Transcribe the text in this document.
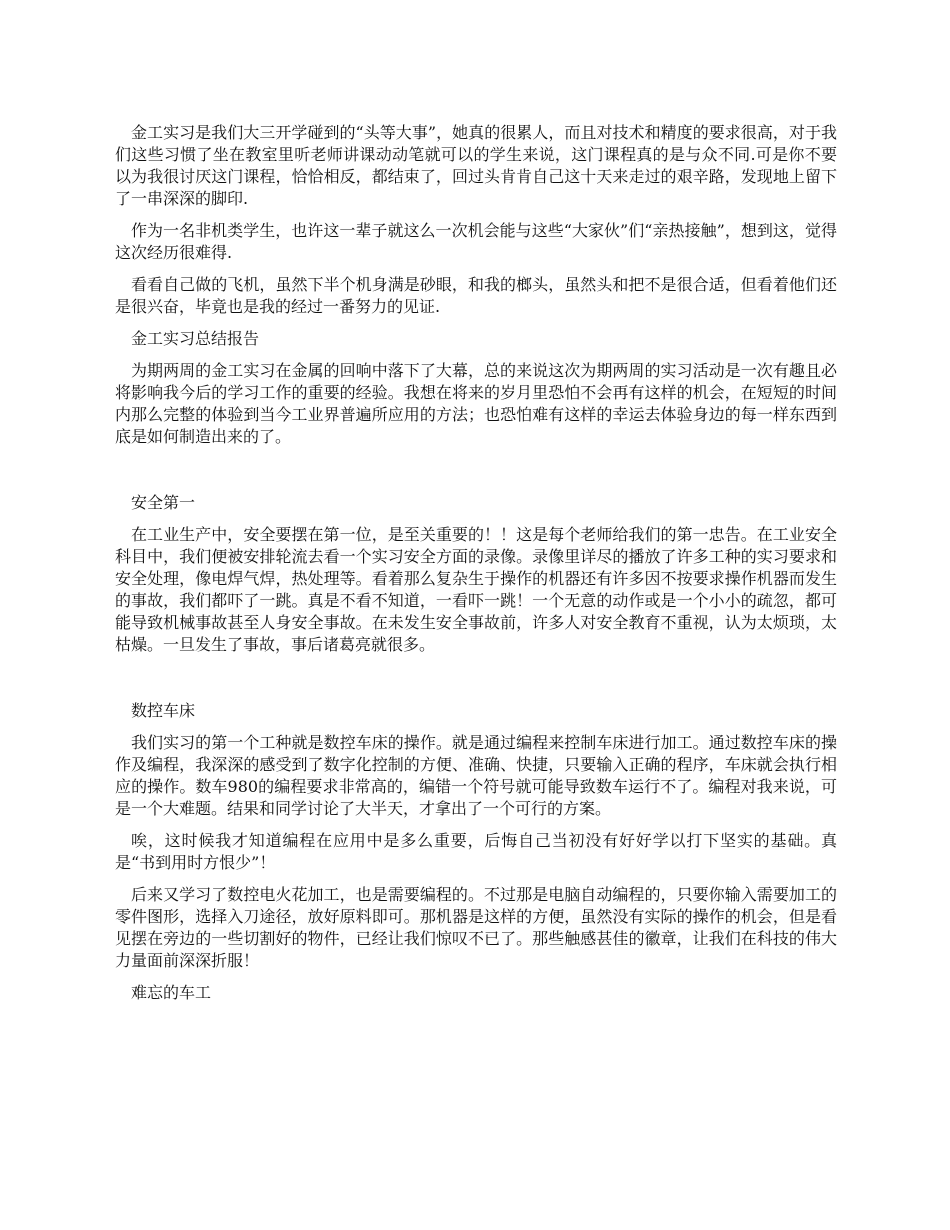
金工实习是我们大三开学碰到的“头等大事”，她真的很累人，而且对技术和精度的要求很高，对于我们这些习惯了坐在教室里听老师讲课动动笔就可以的学生来说，这门课程真的是与众不同.可是你不要以为我很讨厌这门课程，恰恰相反，都结束了，回过头肯肯自己这十天来走过的艰辛路，发现地上留下了一串深深的脚印.

作为一名非机类学生，也许这一辈子就这么一次机会能与这些“大家伙”们“亲热接触”，想到这，觉得这次经历很难得.

看看自己做的飞机，虽然下半个机身满是砂眼，和我的榔头，虽然头和把不是很合适，但看着他们还是很兴奋，毕竟也是我的经过一番努力的见证.

金工实习总结报告

为期两周的金工实习在金属的回响中落下了大幕，总的来说这次为期两周的实习活动是一次有趣且必将影响我今后的学习工作的重要的经验。我想在将来的岁月里恐怕不会再有这样的机会，在短短的时间内那么完整的体验到当今工业界普遍所应用的方法；也恐怕难有这样的幸运去体验身边的每一样东西到底是如何制造出来的了。

安全第一

在工业生产中，安全要摆在第一位，是至关重要的！！这是每个老师给我们的第一忠告。在工业安全科目中，我们便被安排轮流去看一个实习安全方面的录像。录像里详尽的播放了许多工种的实习要求和安全处理，像电焊气焊，热处理等。看着那么复杂生于操作的机器还有许多因不按要求操作机器而发生的事故，我们都吓了一跳。真是不看不知道，一看吓一跳！一个无意的动作或是一个小小的疏忽，都可能导致机械事故甚至人身安全事故。在未发生安全事故前，许多人对安全教育不重视，认为太烦琐，太枯燥。一旦发生了事故，事后诸葛亮就很多。

数控车床

我们实习的第一个工种就是数控车床的操作。就是通过编程来控制车床进行加工。通过数控车床的操作及编程，我深深的感受到了数字化控制的方便、准确、快捷，只要输入正确的程序，车床就会执行相应的操作。数车980的编程要求非常高的，编错一个符号就可能导致数车运行不了。编程对我来说，可是一个大难题。结果和同学讨论了大半天，才拿出了一个可行的方案。

唉，这时候我才知道编程在应用中是多么重要，后悔自己当初没有好好学以打下坚实的基础。真是“书到用时方恨少”！

后来又学习了数控电火花加工，也是需要编程的。不过那是电脑自动编程的，只要你输入需要加工的零件图形，选择入刀途径，放好原料即可。那机器是这样的方便，虽然没有实际的操作的机会，但是看见摆在旁边的一些切割好的物件，已经让我们惊叹不已了。那些触感甚佳的徽章，让我们在科技的伟大力量面前深深折服！

难忘的车工
